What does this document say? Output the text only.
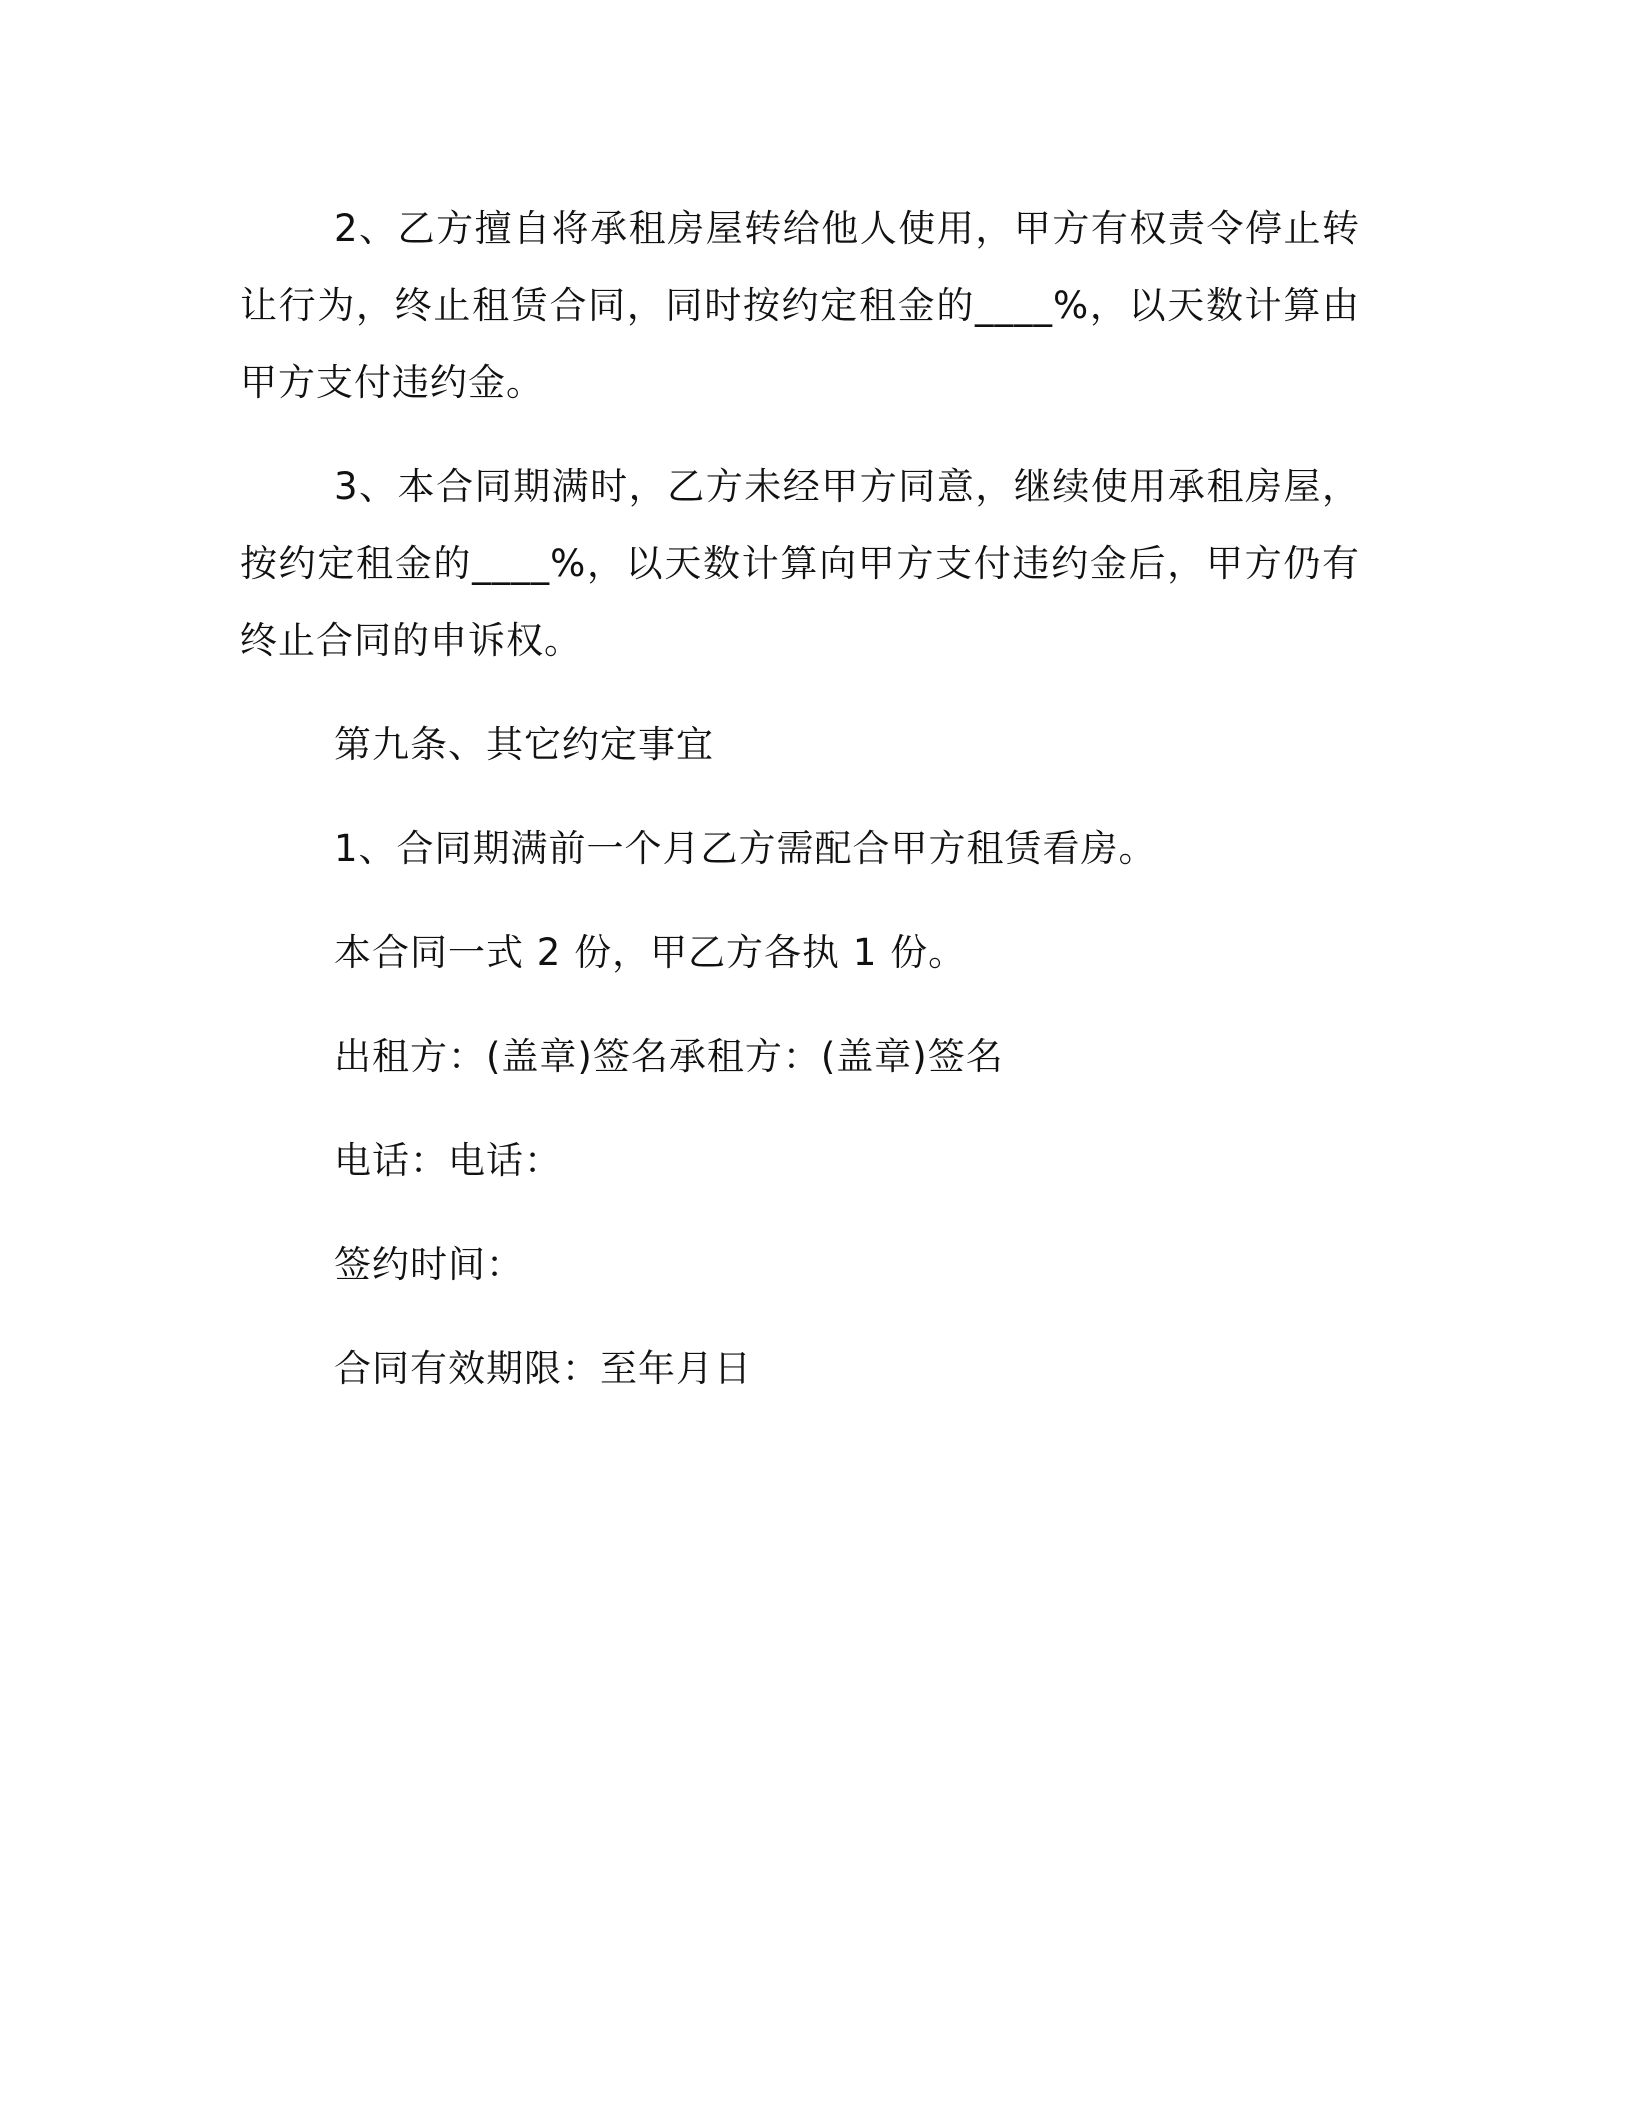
2、乙方擅自将承租房屋转给他人使用，甲方有权责令停止转让行为，终止租赁合同，同时按约定租金的____%，以天数计算由甲方支付违约金。

3、本合同期满时，乙方未经甲方同意，继续使用承租房屋，按约定租金的____%，以天数计算向甲方支付违约金后，甲方仍有终止合同的申诉权。

第九条、其它约定事宜

1、合同期满前一个月乙方需配合甲方租赁看房。

本合同一式 2 份，甲乙方各执 1 份。

出租方：(盖章)签名承租方：(盖章)签名

电话：电话：

签约时间：

合同有效期限：至年月日
